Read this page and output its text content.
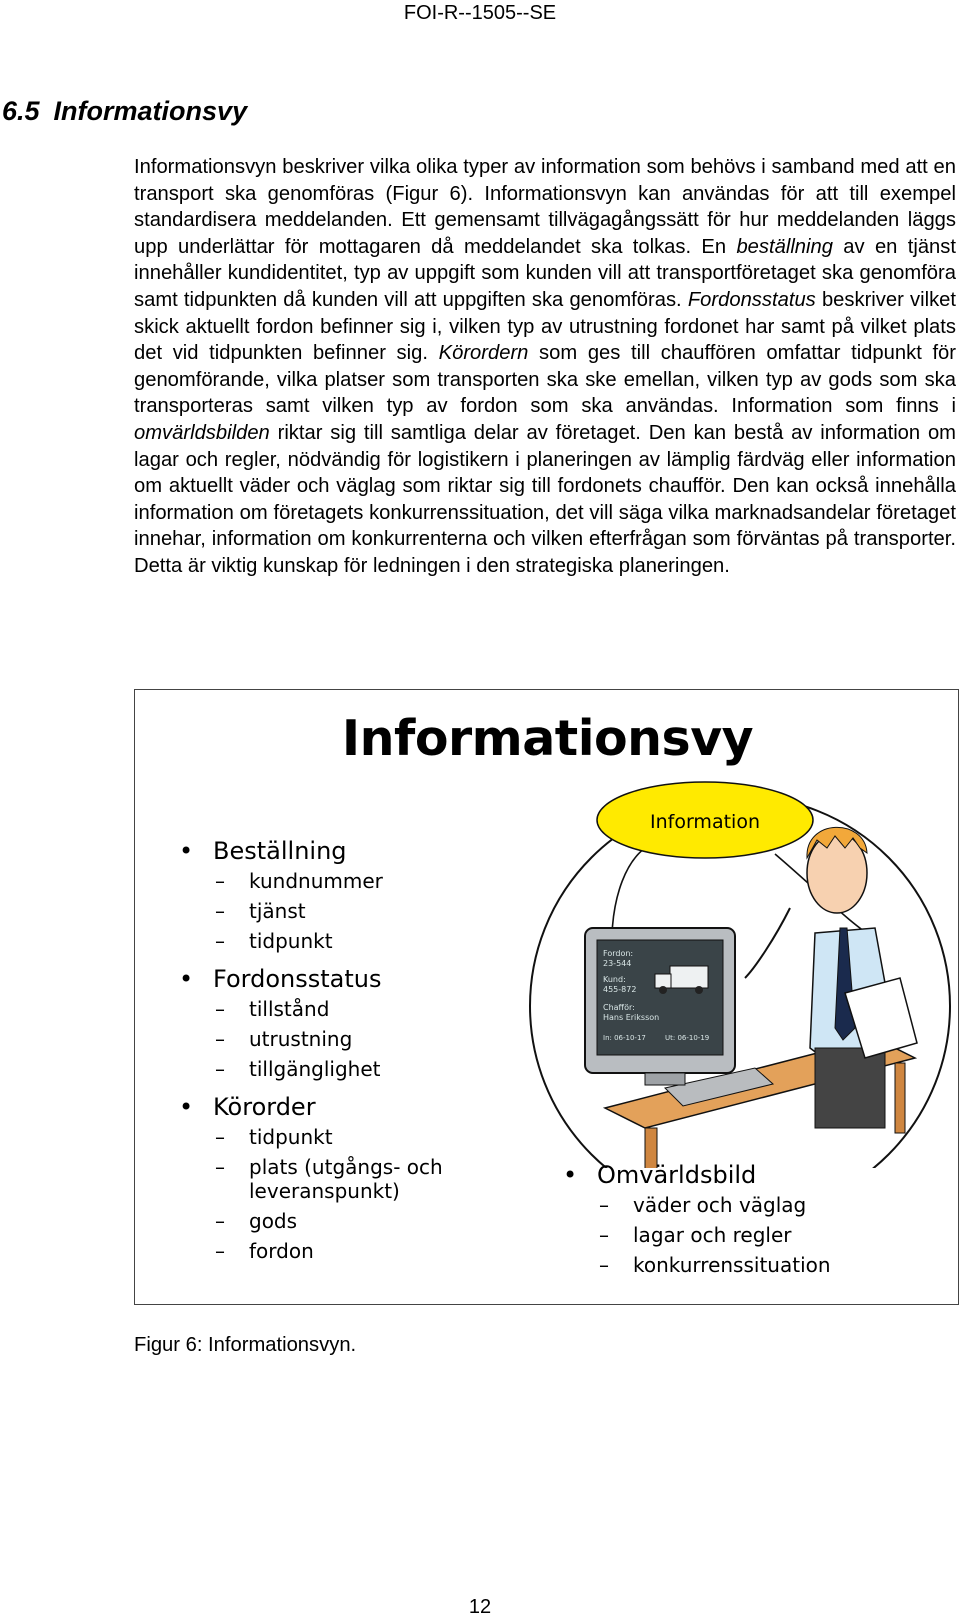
FOI-R--1505--SE
6.5 Informationsvy

Informationsvyn beskriver vilka olika typer av information som behövs i samband med att en transport ska genomföras (Figur 6). Informationsvyn kan användas för att till exempel standardisera meddelanden. Ett gemensamt tillvägagångssätt för hur meddelanden läggs upp underlättar för mottagaren då meddelandet ska tolkas. En beställning av en tjänst innehåller kundidentitet, typ av uppgift som kunden vill att transportföretaget ska genomföra samt tidpunkten då kunden vill att uppgiften ska genomföras. Fordonsstatus beskriver vilket skick aktuellt fordon befinner sig i, vilken typ av utrustning fordonet har samt på vilket plats det vid tidpunkten befinner sig. Körordern som ges till chauffören omfattar tidpunkt för genomförande, vilka platser som transporten ska ske emellan, vilken typ av gods som ska transporteras samt vilken typ av fordon som ska användas. Information som finns i omvärldsbilden riktar sig till samtliga delar av företaget. Den kan bestå av information om lagar och regler, nödvändig för logistikern i planeringen av lämplig färdväg eller information om aktuellt väder och väglag som riktar sig till fordonets chaufför. Den kan också innehålla information om företagets konkurrenssituation, det vill säga vilka marknadsandelar företaget innehar, information om konkurrenterna och vilken efterfrågan som förväntas på transporter. Detta är viktig kunskap för ledningen i den strategiska planeringen.

Informationsvy
• Beställning
– kundnummer
– tjänst
– tidpunkt
• Fordonsstatus
– tillstånd
– utrustning
– tillgänglighet
• Körorder
– tidpunkt
– plats (utgångs- och
leveranspunkt)
– gods
– fordon
Information
Fordon:
23-544
Kund:
455-872
Chafför:
Hans Eriksson
In: 06-10-17	Ut: 06-10-19
• Omvärldsbild
– väder och väglag
– lagar och regler
– konkurrenssituation
Figur 6: Informationsvyn.
12
